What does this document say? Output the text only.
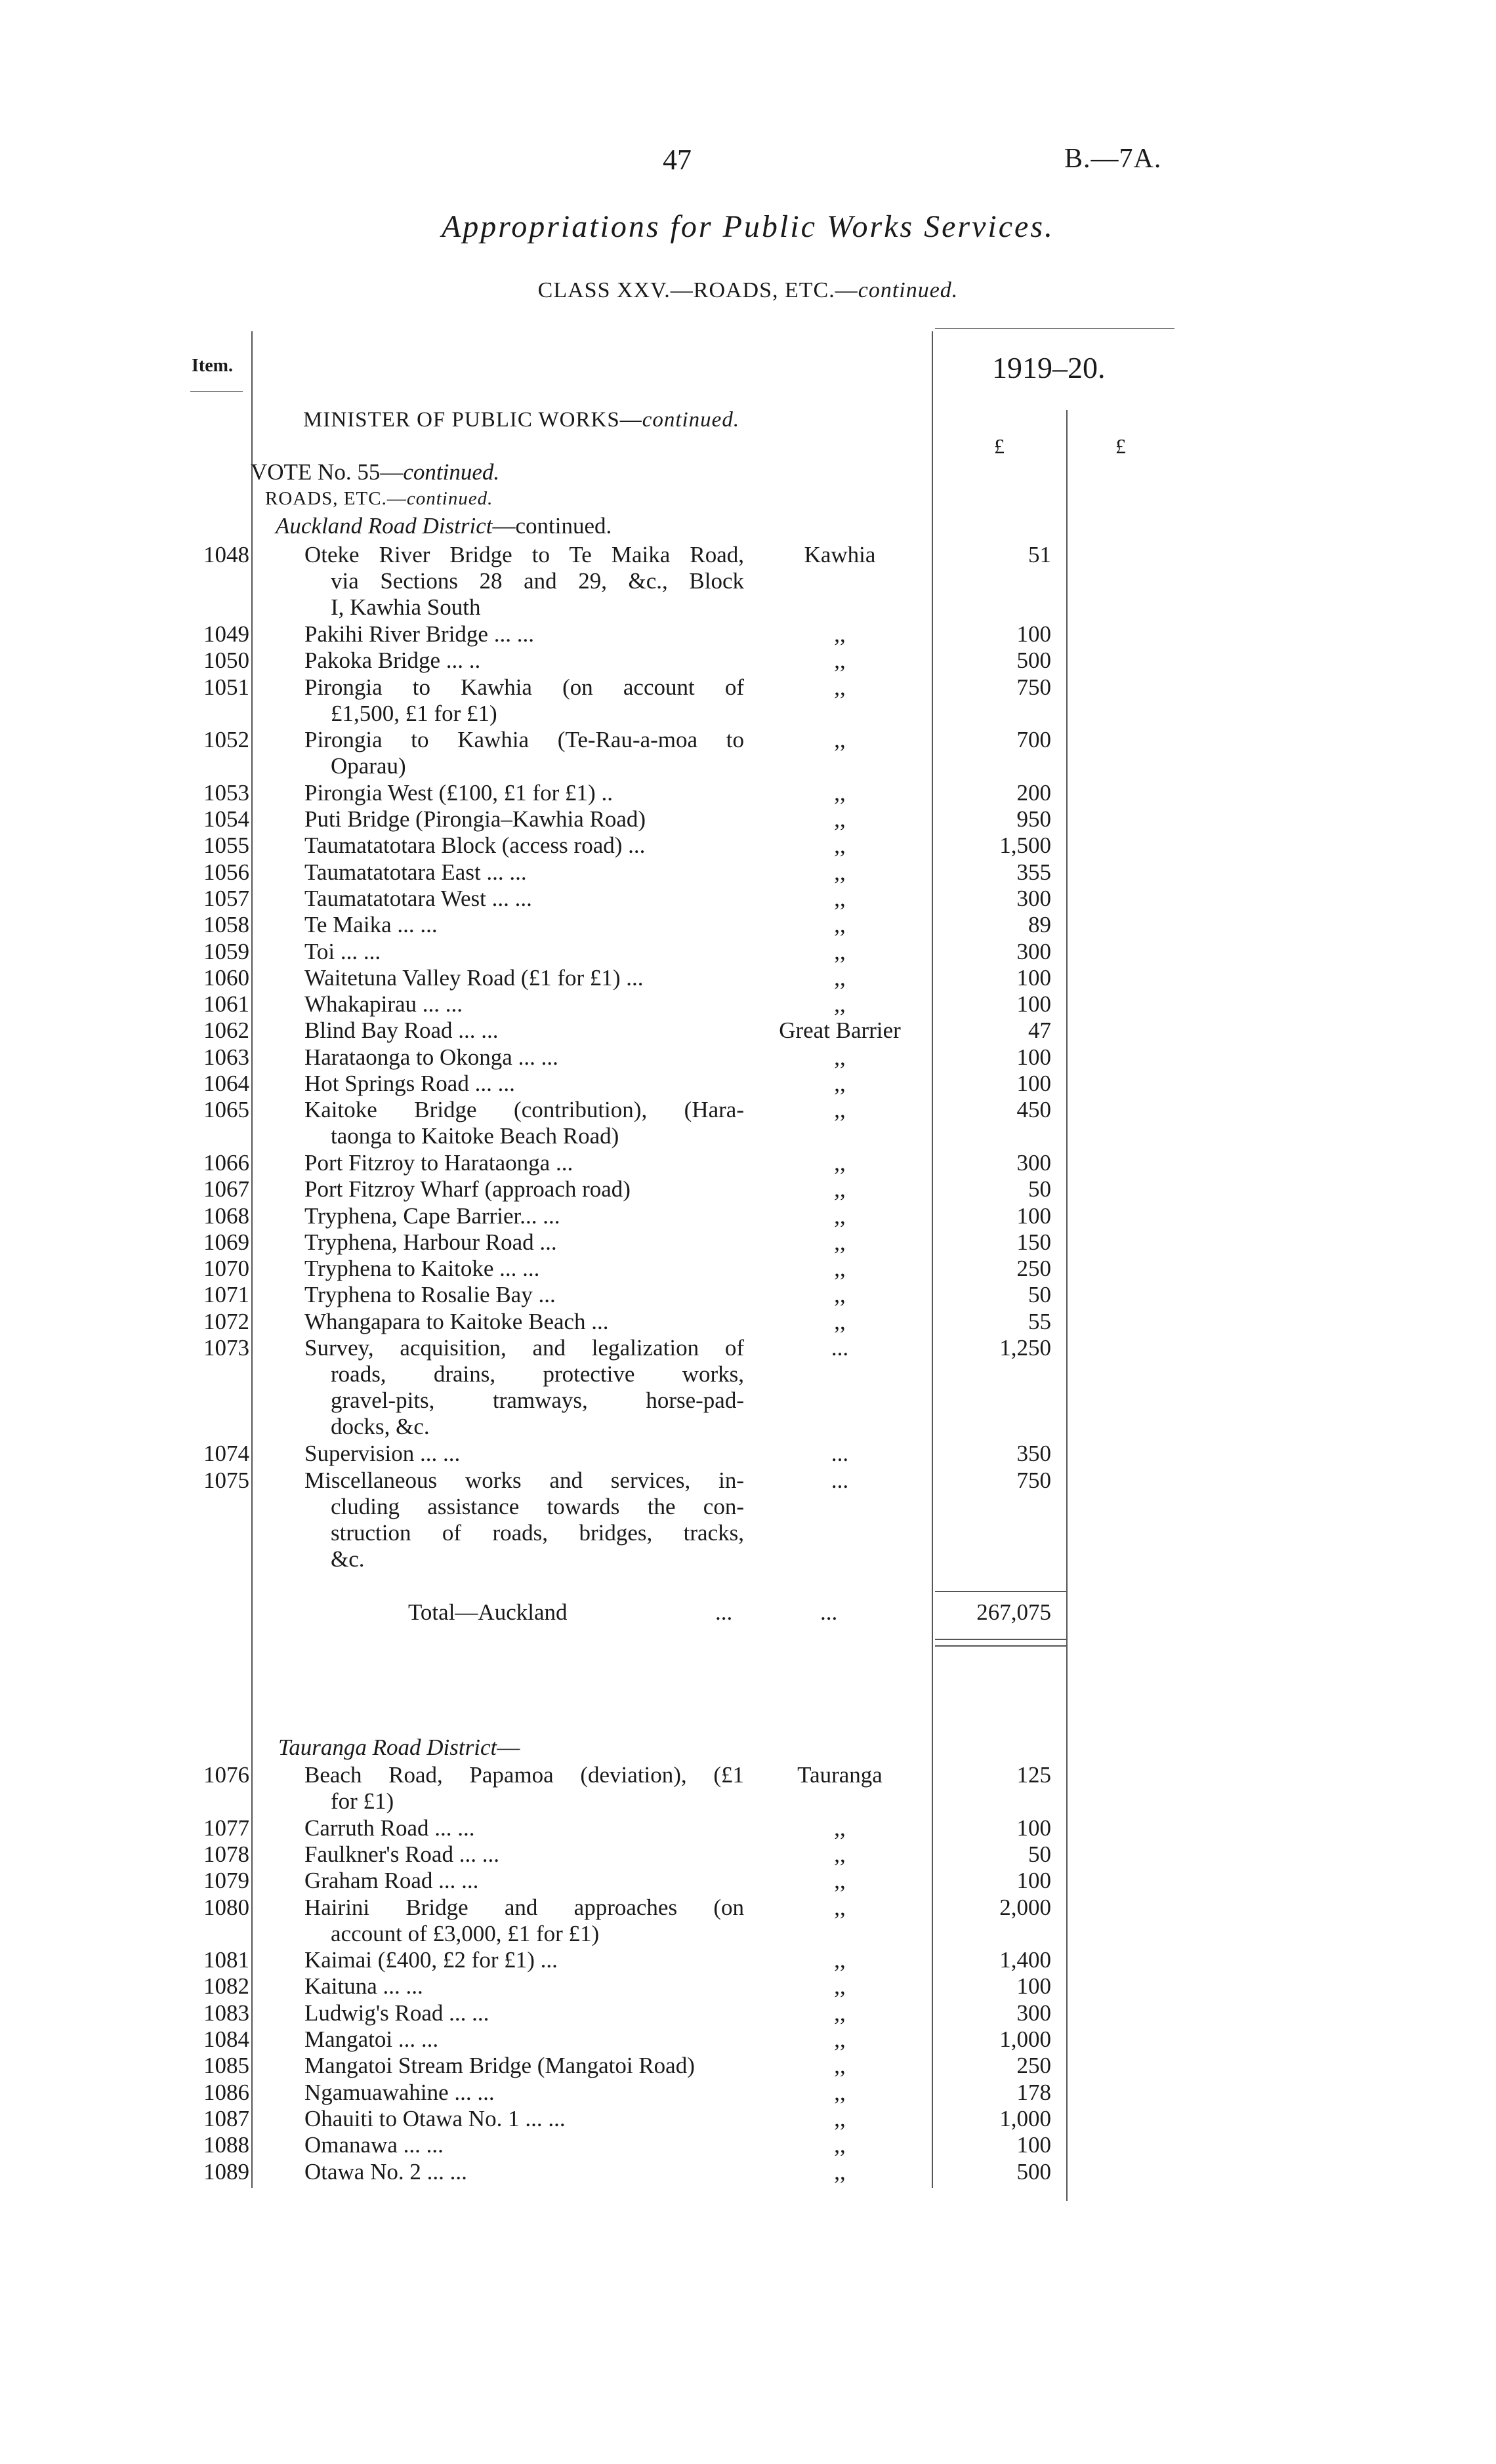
47	B.—7A.
Appropriations for Public Works Services.
CLASS XXV.—ROADS, ETC.—continued.
Item.	1919–20.
£	£
MINISTER OF PUBLIC WORKS—continued.
VOTE No. 55—continued.
ROADS, ETC.—continued.
Auckland Road District—continued.
1048 Oteke River Bridge to Te Maika Road,
via Sections 28 and 29, &c., Block
I, Kawhia South
Kawhia	51
1049 Pakihi River Bridge ... ...	,,	100
1050 Pakoka Bridge ... ..	,,	500
1051 Pirongia to Kawhia (on account of
£1,500, £1 for £1)
,,	750
1052 Pirongia to Kawhia (Te-Rau-a-moa to
Oparau)
,,	700
1053 Pirongia West (£100, £1 for £1) ..	,,	200
1054 Puti Bridge (Pirongia–Kawhia Road)	,,	950
1055 Taumatatotara Block (access road) ...	,,	1,500
1056 Taumatatotara East ... ...	,,	355
1057 Taumatatotara West ... ...	,,	300
1058 Te Maika ... ...	,,	89
1059 Toi ... ...	,,	300
1060 Waitetuna Valley Road (£1 for £1) ...	,,	100
1061 Whakapirau ... ...	,,	100
1062 Blind Bay Road ... ...	Great Barrier	47
1063 Harataonga to Okonga ... ...	,,	100
1064 Hot Springs Road ... ...	,,	100
1065 Kaitoke Bridge (contribution), (Hara-
taonga to Kaitoke Beach Road)
,,	450
1066 Port Fitzroy to Harataonga ...	,,	300
1067 Port Fitzroy Wharf (approach road)	,,	50
1068 Tryphena, Cape Barrier... ...	,,	100
1069 Tryphena, Harbour Road ...	,,	150
1070 Tryphena to Kaitoke ... ...	,,	250
1071 Tryphena to Rosalie Bay ...	,,	50
1072 Whangapara to Kaitoke Beach ...	,,	55
1073 Survey, acquisition, and legalization of
roads, drains, protective works,
gravel-pits, tramways, horse-pad-
docks, &c.
...	1,250
1074 Supervision ... ...	...	350
1075 Miscellaneous works and services, in-
cluding assistance towards the con-
struction of roads, bridges, tracks,
&c.
...	750
Total—Auckland	...	...	267,075
Tauranga Road District—
1076 Beach Road, Papamoa (deviation), (£1
for £1)
Tauranga	125
1077 Carruth Road ... ...	,,	100
1078 Faulkner's Road ... ...	,,	50
1079 Graham Road ... ...	,,	100
1080 Hairini Bridge and approaches (on
account of £3,000, £1 for £1)
,,	2,000
1081 Kaimai (£400, £2 for £1) ...	,,	1,400
1082 Kaituna ... ...	,,	100
1083 Ludwig's Road ... ...	,,	300
1084 Mangatoi ... ...	,,	1,000
1085 Mangatoi Stream Bridge (Mangatoi Road)	,,	250
1086 Ngamuawahine ... ...	,,	178
1087 Ohauiti to Otawa No. 1 ... ...	,,	1,000
1088 Omanawa ... ...	,,	100
1089 Otawa No. 2 ... ...	,,	500
